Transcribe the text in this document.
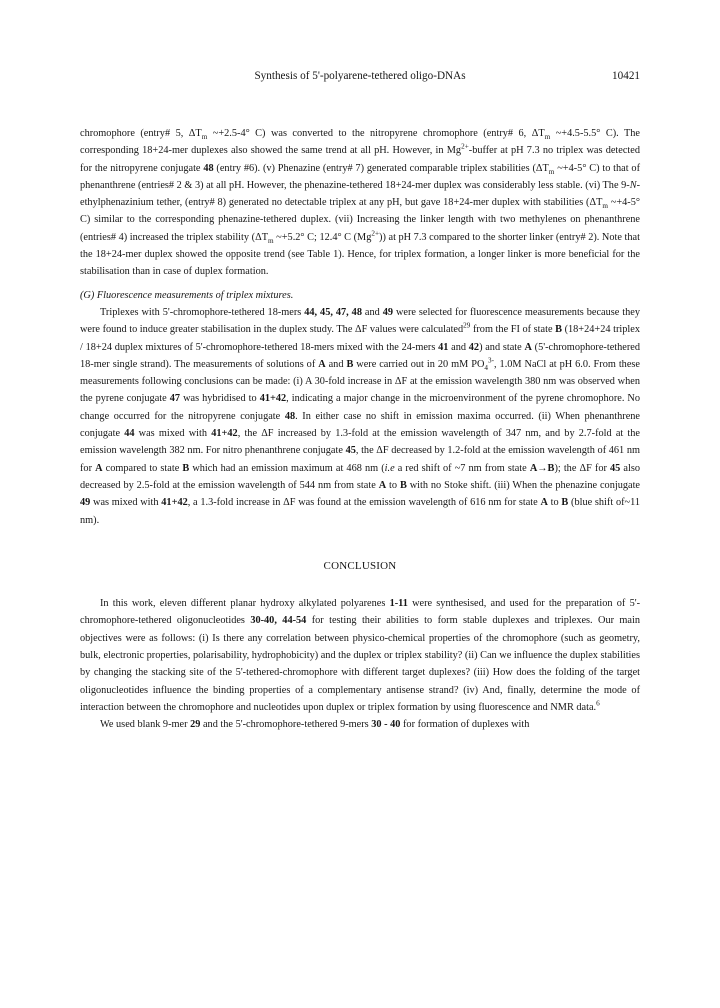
Synthesis of 5'-polyarene-tethered oligo-DNAs	10421

chromophore (entry# 5, $\Delta T_m$ ~+2.5-4° C) was converted to the nitropyrene chromophore (entry# 6, $\Delta T_m$ ~+4.5-5.5° C). The corresponding 18+24-mer duplexes also showed the same trend at all pH. However, in $Mg^{2+}$-buffer at pH 7.3 no triplex was detected for the nitropyrene conjugate 48 (entry #6). (v) Phenazine (entry# 7) generated comparable triplex stabilities ($\Delta T_m$ ~+4-5° C) to that of phenanthrene (entries# 2 & 3) at all pH. However, the phenazine-tethered 18+24-mer duplex was considerably less stable. (vi) The 9-N-ethylphenazinium tether, (entry# 8) generated no detectable triplex at any pH, but gave 18+24-mer duplex with stabilities ($\Delta T_m$ ~+4-5° C) similar to the corresponding phenazine-tethered duplex. (vii) Increasing the linker length with two methylenes on phenanthrene (entries# 4) increased the triplex stability ($\Delta T_m$ ~+5.2° C; 12.4° C $(Mg^{2+})$) at pH 7.3 compared to the shorter linker (entry# 2). Note that the 18+24-mer duplex showed the opposite trend (see Table 1). Hence, for triplex formation, a longer linker is more beneficial for the stabilisation than in case of duplex formation.

(G) Fluorescence measurements of triplex mixtures.

Triplexes with 5'-chromophore-tethered 18-mers 44, 45, 47, 48 and 49 were selected for fluorescence measurements because they were found to induce greater stabilisation in the duplex study. The ΔF values were calculated$^{29}$ from the FI of state B (18+24+24 triplex / 18+24 duplex mixtures of 5'-chromophore-tethered 18-mers mixed with the 24-mers 41 and 42) and state A (5'-chromophore-tethered 18-mer single strand). The measurements of solutions of A and B were carried out in 20 mM $PO_4^{3-}$, 1.0M NaCl at pH 6.0. From these measurements following conclusions can be made: (i) A 30-fold increase in ΔF at the emission wavelength 380 nm was observed when the pyrene conjugate 47 was hybridised to 41+42, indicating a major change in the microenvironment of the pyrene chromophore. No change occurred for the nitropyrene conjugate 48. In either case no shift in emission maxima occurred. (ii) When phenanthrene conjugate 44 was mixed with 41+42, the ΔF increased by 1.3-fold at the emission wavelength of 347 nm, and by 2.7-fold at the emission wavelength 382 nm. For nitro phenanthrene conjugate 45, the ΔF decreased by 1.2-fold at the emission wavelength of 461 nm for A compared to state B which had an emission maximum at 468 nm (i.e a red shift of ~7 nm from state A→B); the ΔF for 45 also decreased by 2.5-fold at the emission wavelength of 544 nm from state A to B with no Stoke shift. (iii) When the phenazine conjugate 49 was mixed with 41+42, a 1.3-fold increase in ΔF was found at the emission wavelength of 616 nm for state A to B (blue shift of~11 nm).

CONCLUSION

In this work, eleven different planar hydroxy alkylated polyarenes 1-11 were synthesised, and used for the preparation of 5'-chromophore-tethered oligonucleotides 30-40, 44-54 for testing their abilities to form stable duplexes and triplexes. Our main objectives were as follows: (i) Is there any correlation between physico-chemical properties of the chromophore (such as geometry, bulk, electronic properties, polarisability, hydrophobicity) and the duplex or triplex stability? (ii) Can we influence the duplex stabilities by changing the stacking site of the 5'-tethered-chromophore with different target duplexes? (iii) How does the folding of the target oligonucleotides influence the binding properties of a complementary antisense strand? (iv) And, finally, determine the mode of interaction between the chromophore and nucleotides upon duplex or triplex formation by using fluorescence and NMR data.$^6$

We used blank 9-mer 29 and the 5'-chromophore-tethered 9-mers 30 - 40 for formation of duplexes with
